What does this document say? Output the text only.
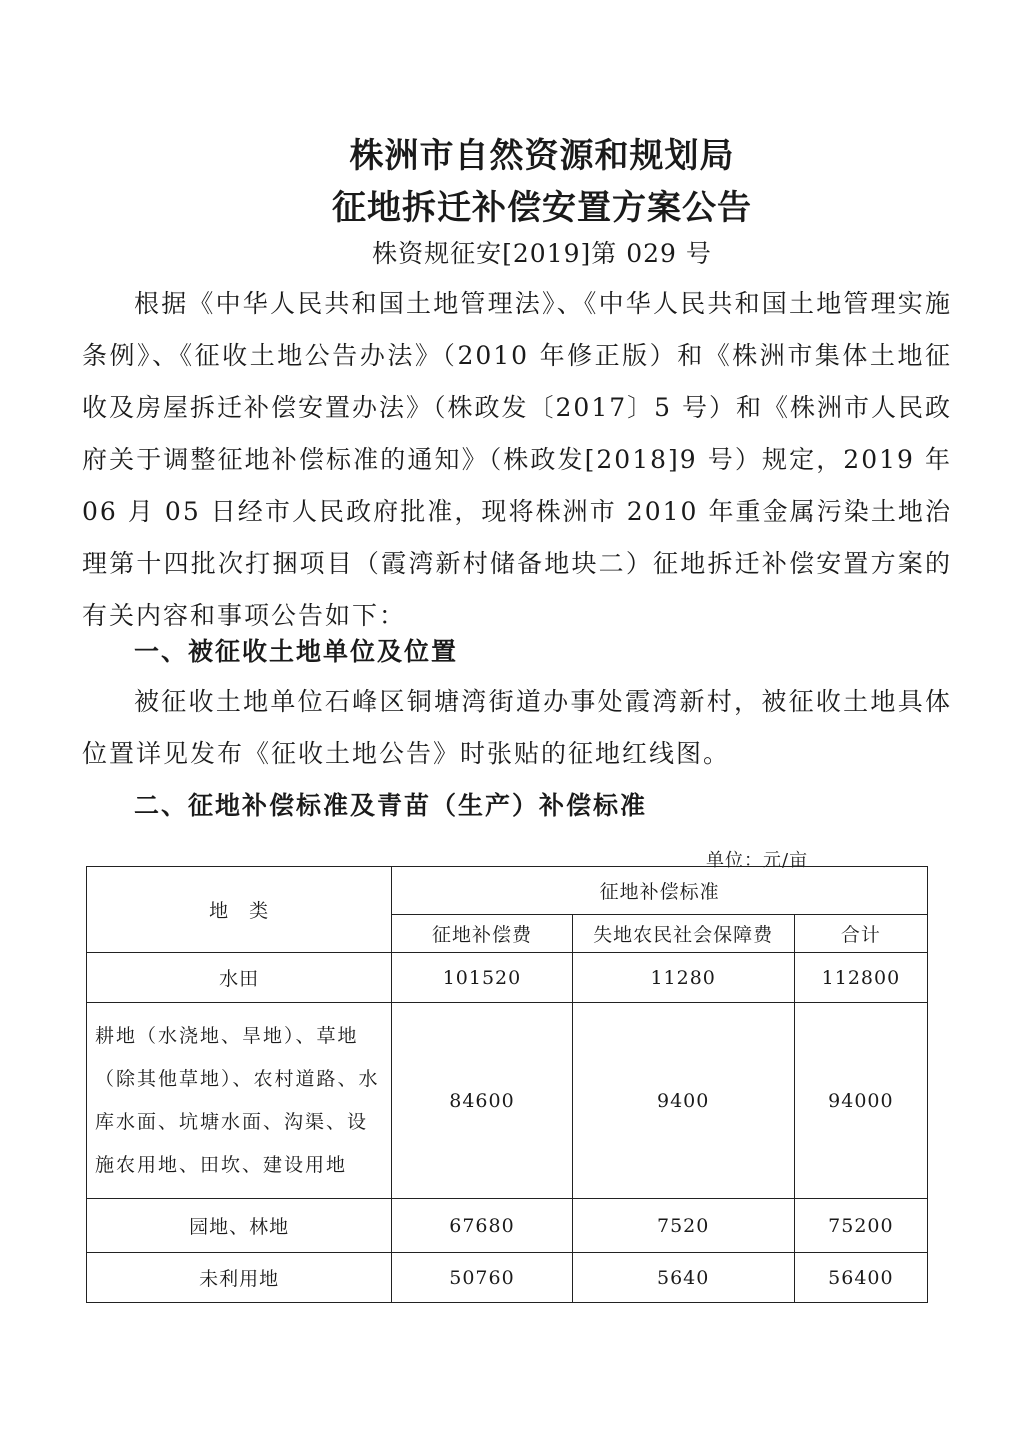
株洲市自然资源和规划局
征地拆迁补偿安置方案公告
株资规征安[2019]第 029 号
根据《中华人民共和国土地管理法》、《中华人民共和国土地管理实施条例》、《征收土地公告办法》（2010 年修正版）和《株洲市集体土地征收及房屋拆迁补偿安置办法》（株政发〔2017〕5 号）和《株洲市人民政府关于调整征地补偿标准的通知》（株政发[2018]9 号）规定，2019 年 06 月 05 日经市人民政府批准，现将株洲市 2010 年重金属污染土地治理第十四批次打捆项目（霞湾新村储备地块二）征地拆迁补偿安置方案的有关内容和事项公告如下：
一、被征收土地单位及位置
被征收土地单位石峰区铜塘湾街道办事处霞湾新村，被征收土地具体位置详见发布《征收土地公告》时张贴的征地红线图。
二、征地补偿标准及青苗（生产）补偿标准
单位：元/亩
地　类	征地补偿标准		
	征地补偿费	失地农民社会保障费	合计
水田	101520	11280	112800
耕地（水浇地、旱地）、草地（除其他草地）、农村道路、水库水面、坑塘水面、沟渠、设施农用地、田坎、建设用地	84600	9400	94000
园地、林地	67680	7520	75200
未利用地	50760	5640	56400
